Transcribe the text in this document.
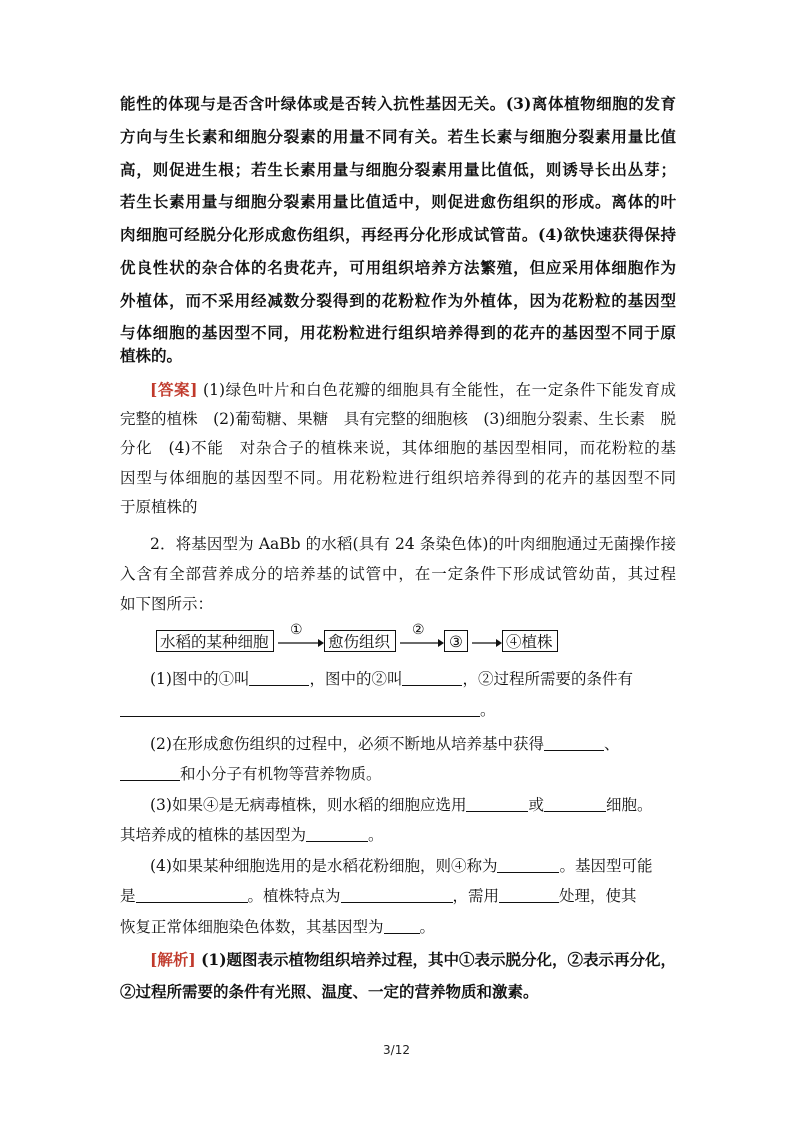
能性的体现与是否含叶绿体或是否转入抗性基因无关。(3)离体植物细胞的发育
方向与生长素和细胞分裂素的用量不同有关。若生长素与细胞分裂素用量比值
高，则促进生根；若生长素用量与细胞分裂素用量比值低，则诱导长出丛芽；
若生长素用量与细胞分裂素用量比值适中，则促进愈伤组织的形成。离体的叶
肉细胞可经脱分化形成愈伤组织，再经再分化形成试管苗。(4)欲快速获得保持
优良性状的杂合体的名贵花卉，可用组织培养方法繁殖，但应采用体细胞作为
外植体，而不采用经减数分裂得到的花粉粒作为外植体，因为花粉粒的基因型
与体细胞的基因型不同，用花粉粒进行组织培养得到的花卉的基因型不同于原
植株的。
[答案] (1)绿色叶片和白色花瓣的细胞具有全能性，在一定条件下能发育成
完整的植株　(2)葡萄糖、果糖　具有完整的细胞核　(3)细胞分裂素、生长素　脱
分化　(4)不能　对杂合子的植株来说，其体细胞的基因型相同，而花粉粒的基
因型与体细胞的基因型不同。用花粉粒进行组织培养得到的花卉的基因型不同
于原植株的
2．将基因型为 AaBb 的水稻(具有 24 条染色体)的叶肉细胞通过无菌操作接
入含有全部营养成分的培养基的试管中，在一定条件下形成试管幼苗，其过程
如下图所示：
水稻的某种细胞
①
愈伤组织
②
③	④植株
(1)图中的①叫	，图中的②叫	，②过程所需要的条件有
。
(2)在形成愈伤组织的过程中，必须不断地从培养基中获得	、
和小分子有机物等营养物质。
(3)如果④是无病毒植株，则水稻的细胞应选用	或	细胞。
其培养成的植株的基因型为	。
(4)如果某种细胞选用的是水稻花粉细胞，则④称为	。基因型可能
是	。植株特点为	，需用	处理，使其
恢复正常体细胞染色体数，其基因型为 。
[解析] (1)题图表示植物组织培养过程，其中①表示脱分化，②表示再分化，
②过程所需要的条件有光照、温度、一定的营养物质和激素。
3/12
